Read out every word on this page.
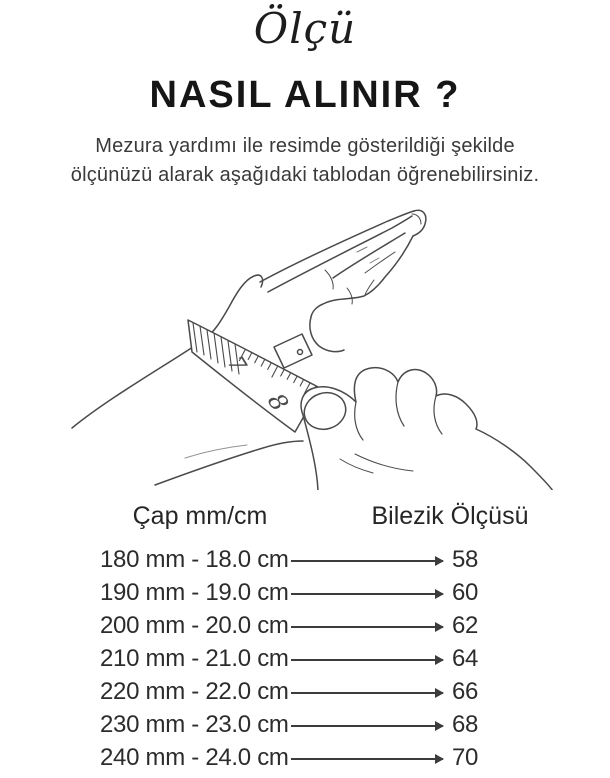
Ölçü
NASIL ALINIR ?
Mezura yardımı ile resimde gösterildiği şekilde
ölçünüzü alarak aşağıdaki tablodan öğrenebilirsiniz.
7
8
Çap mm/cm	Bilezik Ölçüsü
180 mm - 18.0 cm	58
190 mm - 19.0 cm	60
200 mm - 20.0 cm	62
210 mm - 21.0 cm	64
220 mm - 22.0 cm	66
230 mm - 23.0 cm	68
240 mm - 24.0 cm	70
